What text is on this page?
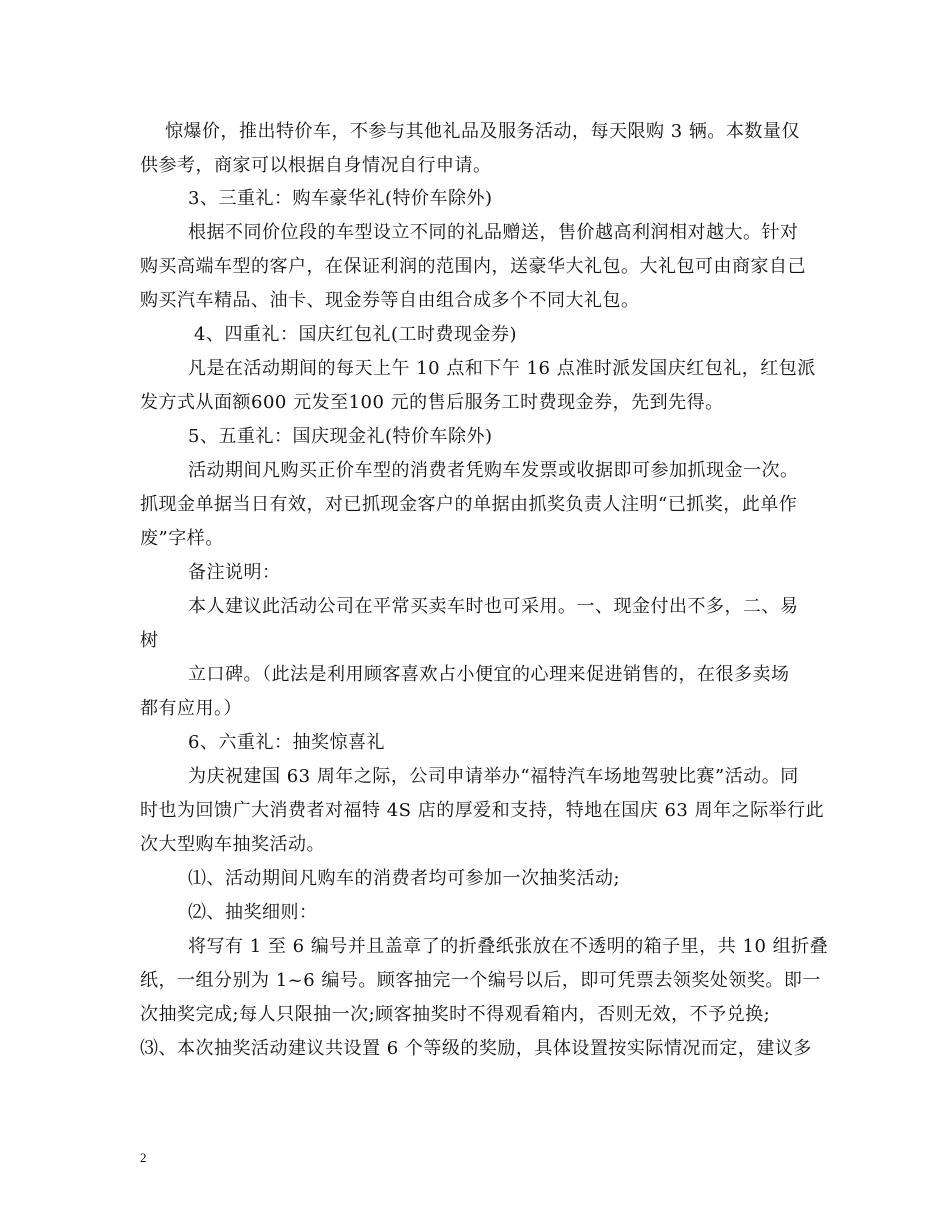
惊爆价，推出特价车，不参与其他礼品及服务活动，每天限购 3 辆。本数量仅
供参考，商家可以根据自身情况自行申请。
3、三重礼：购车豪华礼(特价车除外)
根据不同价位段的车型设立不同的礼品赠送，售价越高利润相对越大。针对
购买高端车型的客户，在保证利润的范围内，送豪华大礼包。大礼包可由商家自己
购买汽车精品、油卡、现金券等自由组合成多个不同大礼包。
4、四重礼：国庆红包礼(工时费现金券)
凡是在活动期间的每天上午 10 点和下午 16 点准时派发国庆红包礼，红包派
发方式从面额600 元发至100 元的售后服务工时费现金券，先到先得。
5、五重礼：国庆现金礼(特价车除外)
活动期间凡购买正价车型的消费者凭购车发票或收据即可参加抓现金一次。
抓现金单据当日有效，对已抓现金客户的单据由抓奖负责人注明“已抓奖，此单作
废”字样。
备注说明：
本人建议此活动公司在平常买卖车时也可采用。一、现金付出不多，二、易
树
立口碑。（此法是利用顾客喜欢占小便宜的心理来促进销售的，在很多卖场
都有应用。）
6、六重礼：抽奖惊喜礼
为庆祝建国 63 周年之际，公司申请举办“福特汽车场地驾驶比赛”活动。同
时也为回馈广大消费者对福特 4S 店的厚爱和支持，特地在国庆 63 周年之际举行此
次大型购车抽奖活动。
⑴、活动期间凡购车的消费者均可参加一次抽奖活动;
⑵、抽奖细则：
将写有 1 至 6 编号并且盖章了的折叠纸张放在不透明的箱子里，共 10 组折叠
纸，一组分别为 1~6 编号。顾客抽完一个编号以后，即可凭票去领奖处领奖。即一
次抽奖完成;每人只限抽一次;顾客抽奖时不得观看箱内，否则无效，不予兑换;
⑶、本次抽奖活动建议共设置 6 个等级的奖励，具体设置按实际情况而定，建议多
2
